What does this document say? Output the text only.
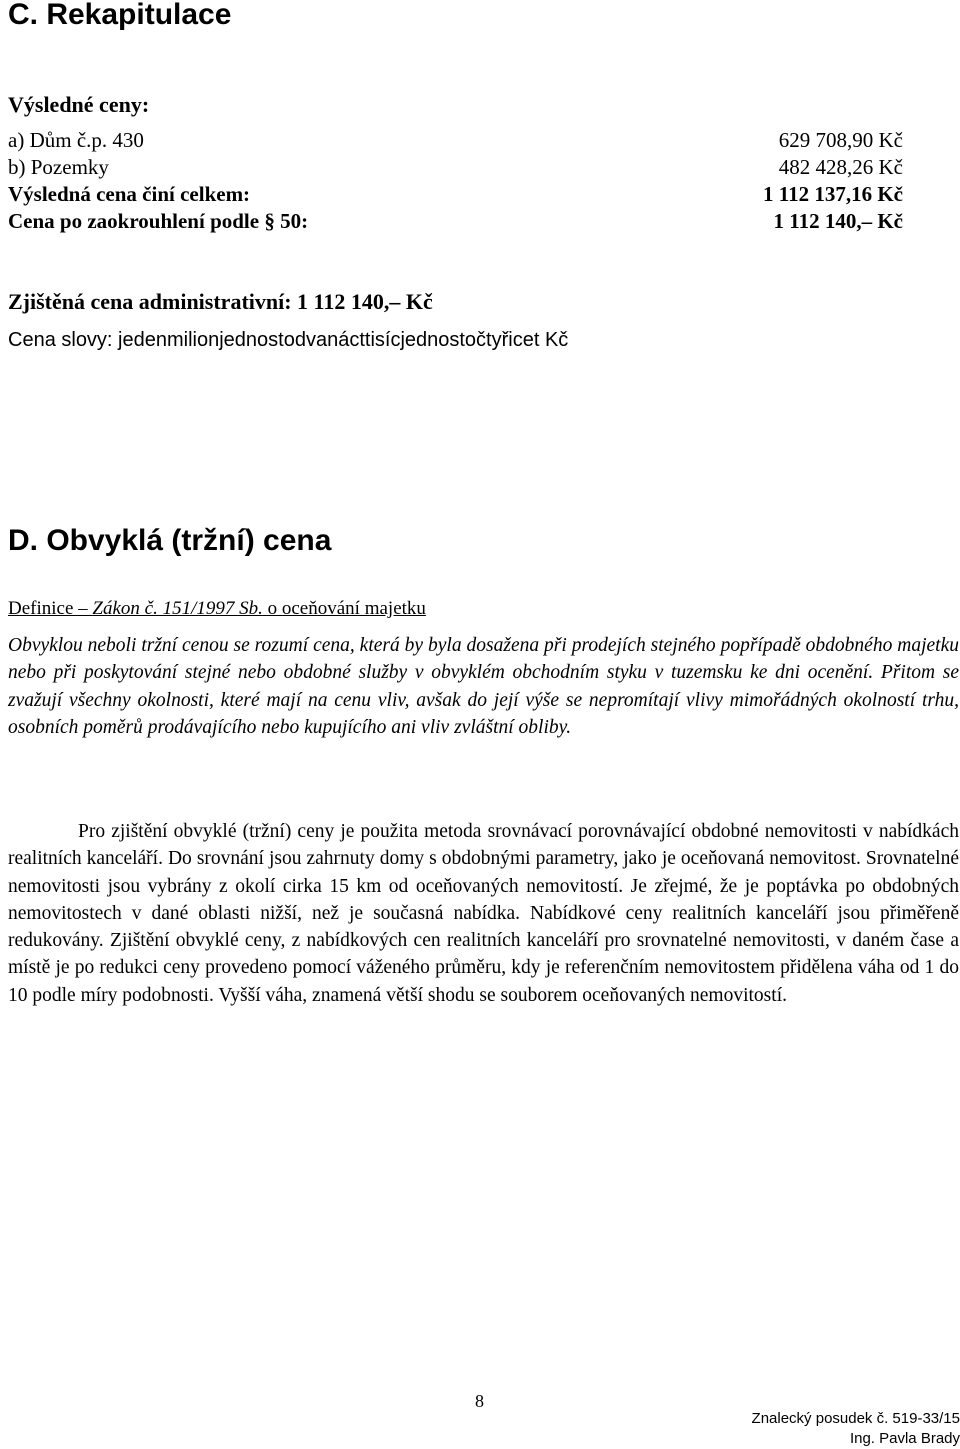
C. Rekapitulace
Výsledné ceny:
a) Dům č.p. 430	629 708,90 Kč
b) Pozemky	482 428,26 Kč
Výsledná cena činí celkem:	1 112 137,16 Kč
Cena po zaokrouhlení podle § 50:	1 112 140,– Kč
Zjištěná cena administrativní: 1 112 140,– Kč
Cena slovy: jedenmilionjednostodvanácttisícjednostočtyřicet Kč
D. Obvyklá (tržní) cena
Definice – Zákon č. 151/1997 Sb. o oceňování majetku

Obvyklou neboli tržní cenou se rozumí cena, která by byla dosažena při prodejích stejného popřípadě obdobného majetku nebo při poskytování stejné nebo obdobné služby v obvyklém obchodním styku v tuzemsku ke dni ocenění. Přitom se zvažují všechny okolnosti, které mají na cenu vliv, avšak do její výše se nepromítají vlivy mimořádných okolností trhu, osobních poměrů prodávajícího nebo kupujícího ani vliv zvláštní obliby.

Pro zjištění obvyklé (tržní) ceny je použita metoda srovnávací porovnávající obdobné nemovitosti v nabídkách realitních kanceláří. Do srovnání jsou zahrnuty domy s obdobnými parametry, jako je oceňovaná nemovitost. Srovnatelné nemovitosti jsou vybrány z okolí cirka 15 km od oceňovaných nemovitostí. Je zřejmé, že je poptávka po obdobných nemovitostech v dané oblasti nižší, než je současná nabídka. Nabídkové ceny realitních kanceláří jsou přiměřeně redukovány. Zjištění obvyklé ceny, z nabídkových cen realitních kanceláří pro srovnatelné nemovitosti, v daném čase a místě je po redukci ceny provedeno pomocí váženého průměru, kdy je referenčním nemovitostem přidělena váha od 1 do 10 podle míry podobnosti. Vyšší váha, znamená větší shodu se souborem oceňovaných nemovitostí.

8
Znalecký posudek č. 519-33/15
Ing. Pavla Brady
